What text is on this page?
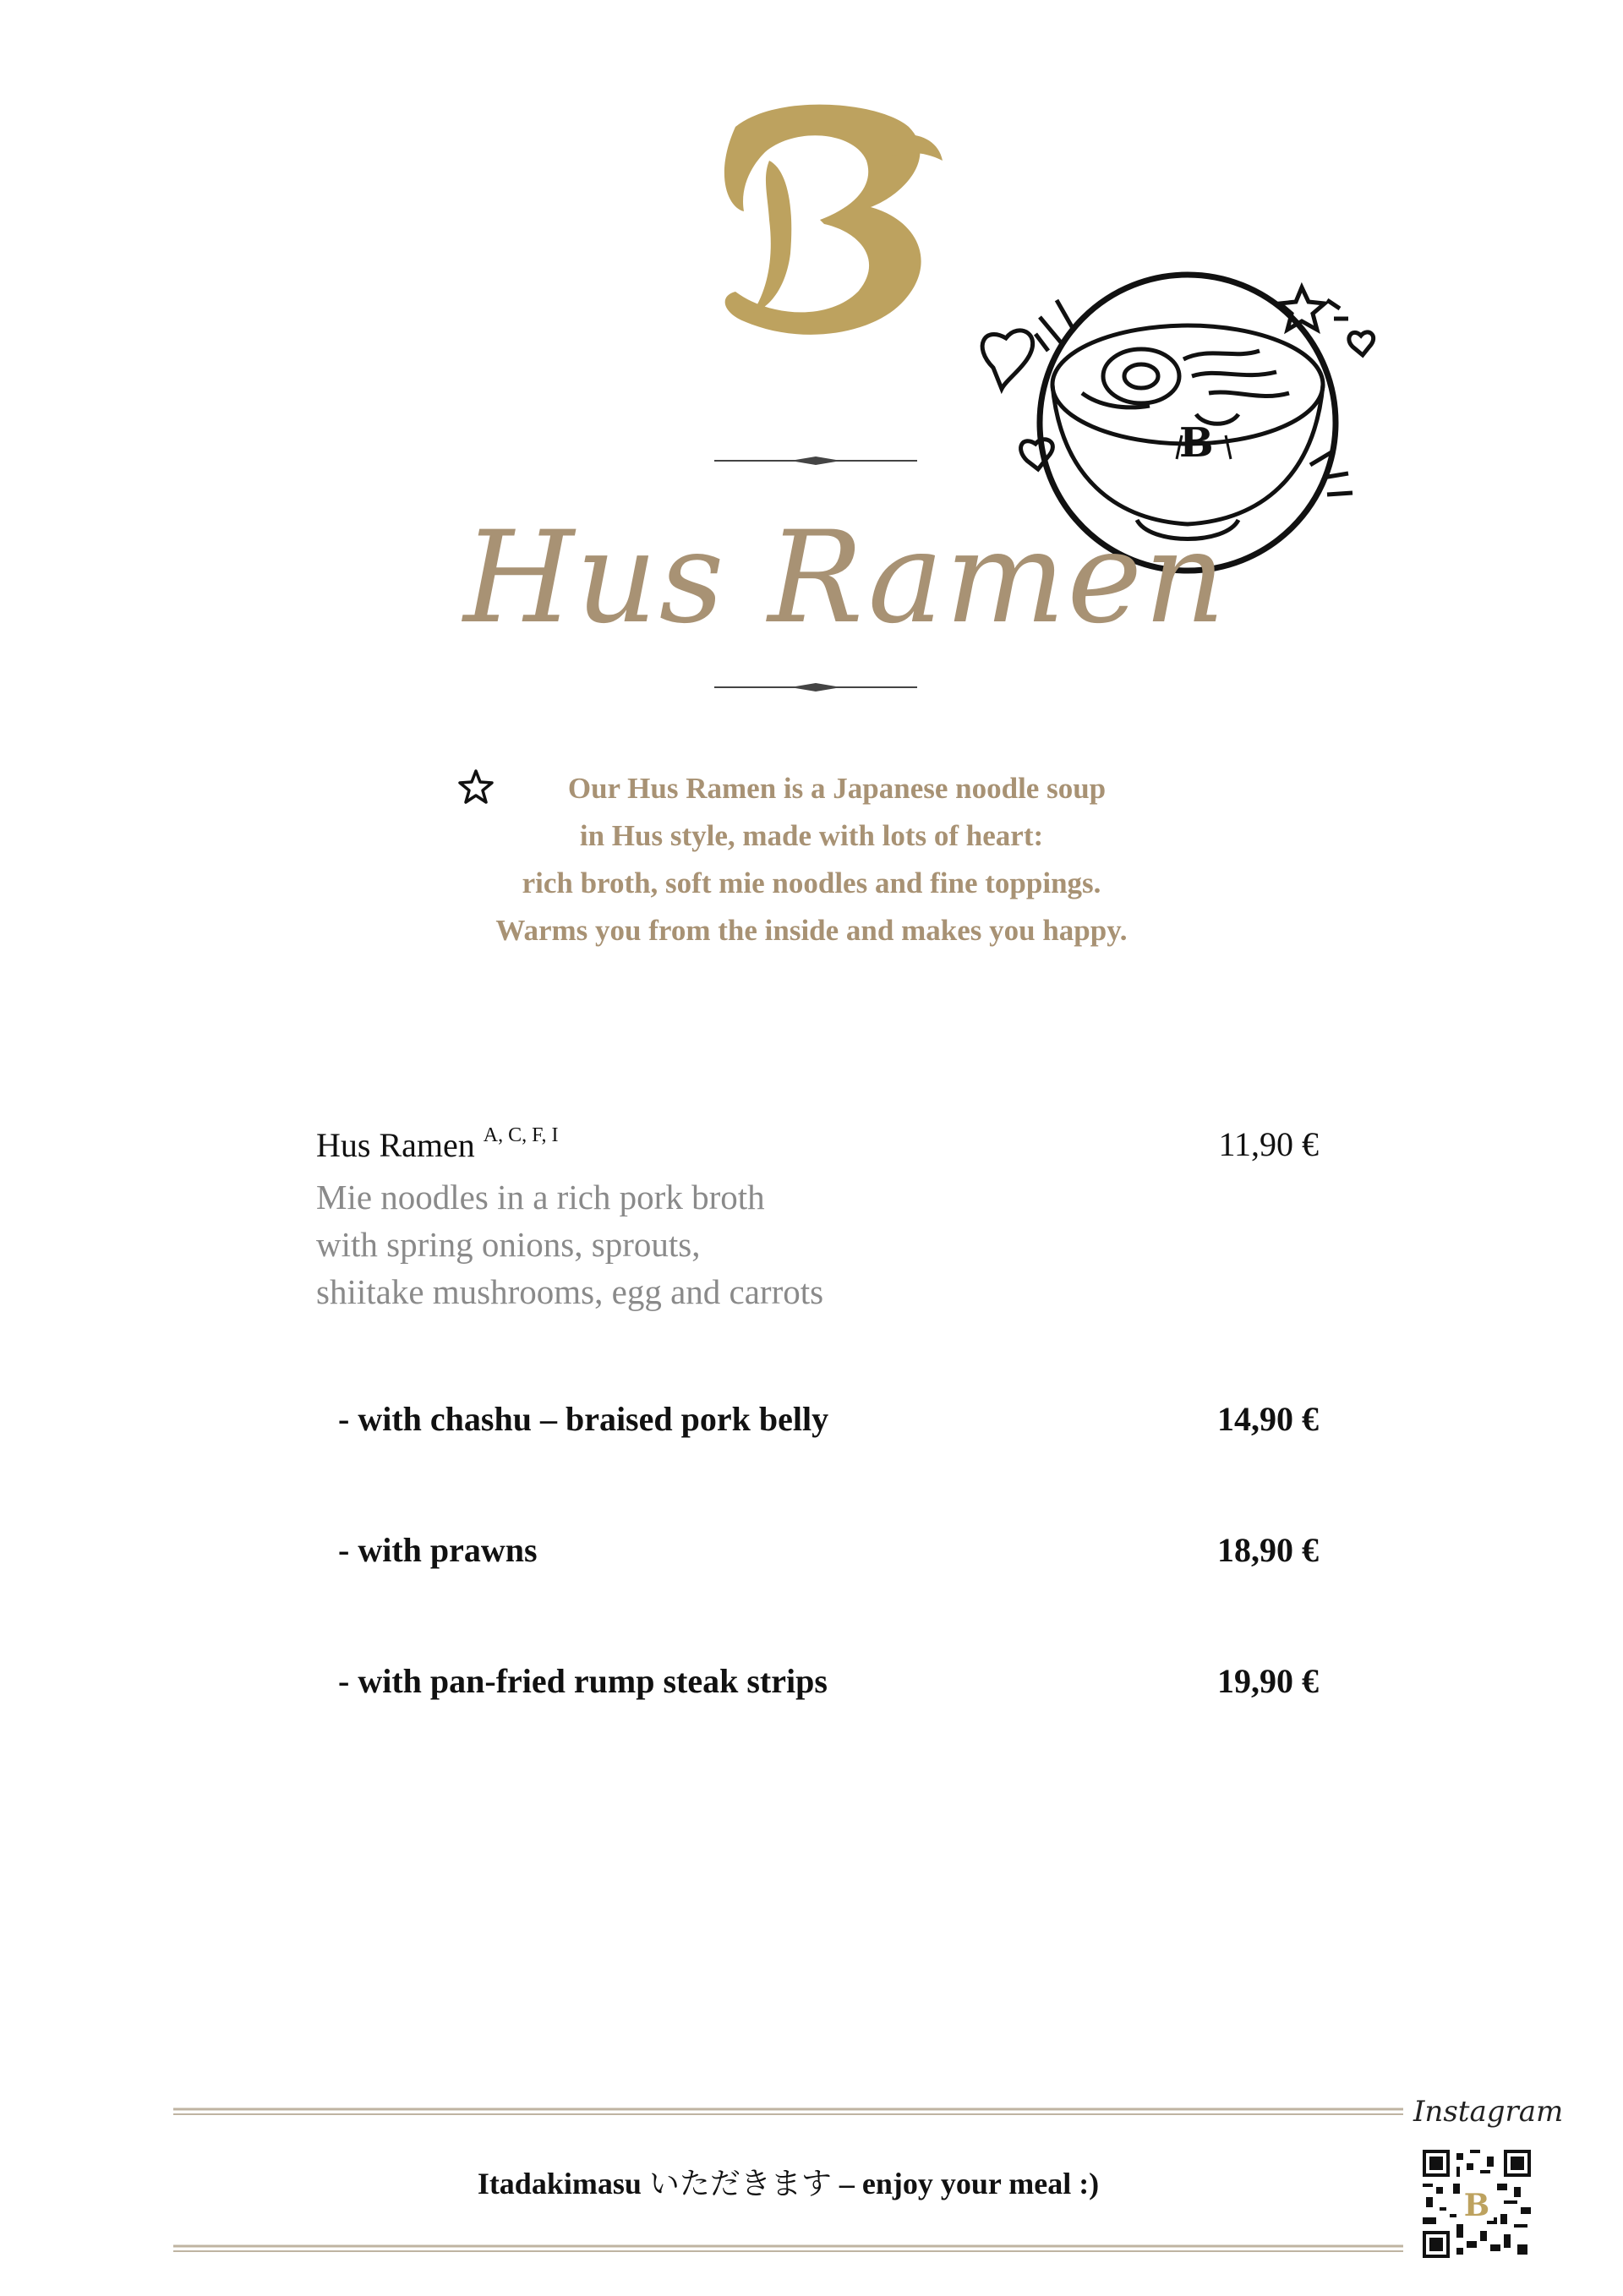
B
Hus Ramen
Our Hus Ramen is a Japanese noodle soup
in Hus style, made with lots of heart:
rich broth, soft mie noodles and fine toppings.
Warms you from the inside and makes you happy.
Hus Ramen $^{A, C, F, I}$	11,90 €
Mie noodles in a rich pork broth
with spring onions, sprouts,
shiitake mushrooms, egg and carrots
- with chashu – braised pork belly	14,90 €
- with prawns	18,90 €
- with pan-fried rump steak strips	19,90 €
Itadakimasu いただきます – enjoy your meal :)
Instagram
B
